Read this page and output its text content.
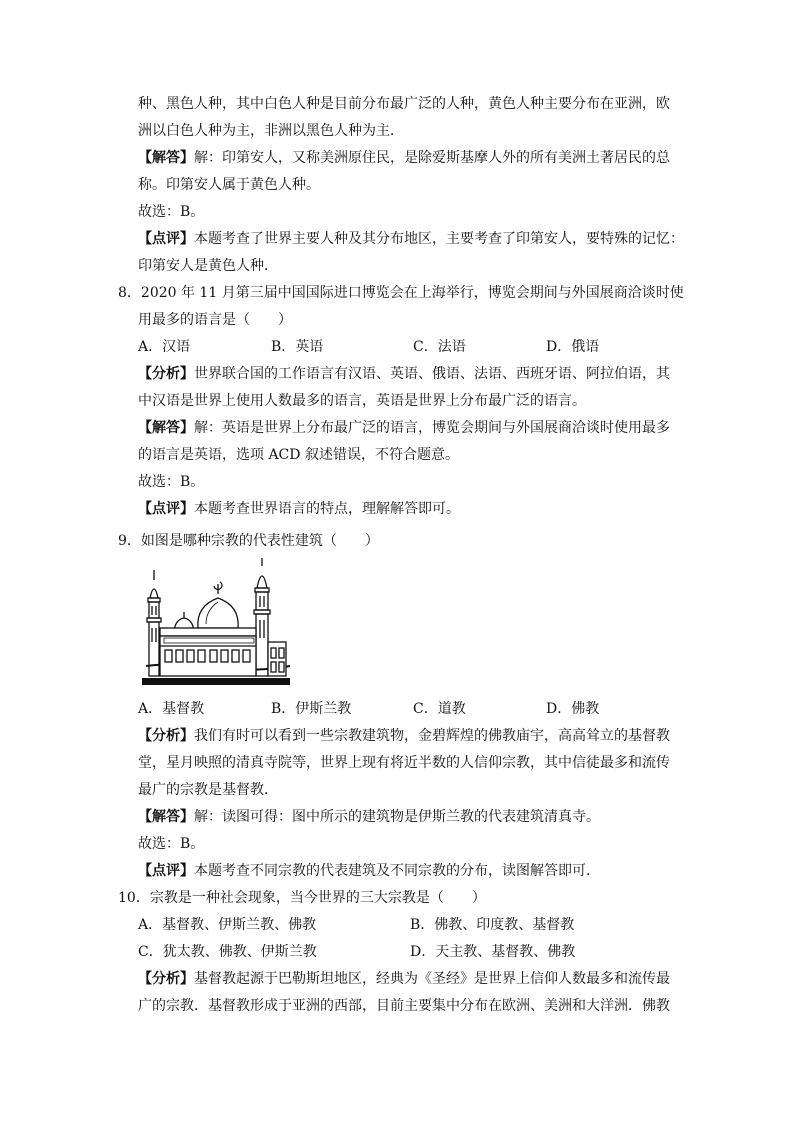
种、黑色人种，其中白色人种是目前分布最广泛的人种，黄色人种主要分布在亚洲，欧
洲以白色人种为主，非洲以黑色人种为主．
【解答】解：印第安人，又称美洲原住民，是除爱斯基摩人外的所有美洲土著居民的总
称。印第安人属于黄色人种。
故选：B。
【点评】本题考查了世界主要人种及其分布地区，主要考查了印第安人，要特殊的记忆：
印第安人是黄色人种．
8．2020 年 11 月第三届中国国际进口博览会在上海举行，博览会期间与外国展商洽谈时使
用最多的语言是（　　）
A．汉语	B．英语	C．法语	D．俄语
【分析】世界联合国的工作语言有汉语、英语、俄语、法语、西班牙语、阿拉伯语，其
中汉语是世界上使用人数最多的语言，英语是世界上分布最广泛的语言。
【解答】解：英语是世界上分布最广泛的语言，博览会期间与外国展商洽谈时使用最多
的语言是英语，选项 ACD 叙述错误，不符合题意。
故选：B。
【点评】本题考查世界语言的特点，理解解答即可。
9．如图是哪种宗教的代表性建筑（　　）
A．基督教	B．伊斯兰教	C．道教	D．佛教
【分析】我们有时可以看到一些宗教建筑物，金碧辉煌的佛教庙宇，高高耸立的基督教
堂，星月映照的清真寺院等，世界上现有将近半数的人信仰宗教，其中信徒最多和流传
最广的宗教是基督教．
【解答】解：读图可得：图中所示的建筑物是伊斯兰教的代表建筑清真寺。
故选：B。
【点评】本题考查不同宗教的代表建筑及不同宗教的分布，读图解答即可．
10．宗教是一种社会现象，当今世界的三大宗教是（　　）
A．基督教、伊斯兰教、佛教	B．佛教、印度教、基督教
C．犹太教、佛教、伊斯兰教	D．天主教、基督教、佛教
【分析】基督教起源于巴勒斯坦地区，经典为《圣经》是世界上信仰人数最多和流传最
广的宗教．基督教形成于亚洲的西部，目前主要集中分布在欧洲、美洲和大洋洲．佛教
